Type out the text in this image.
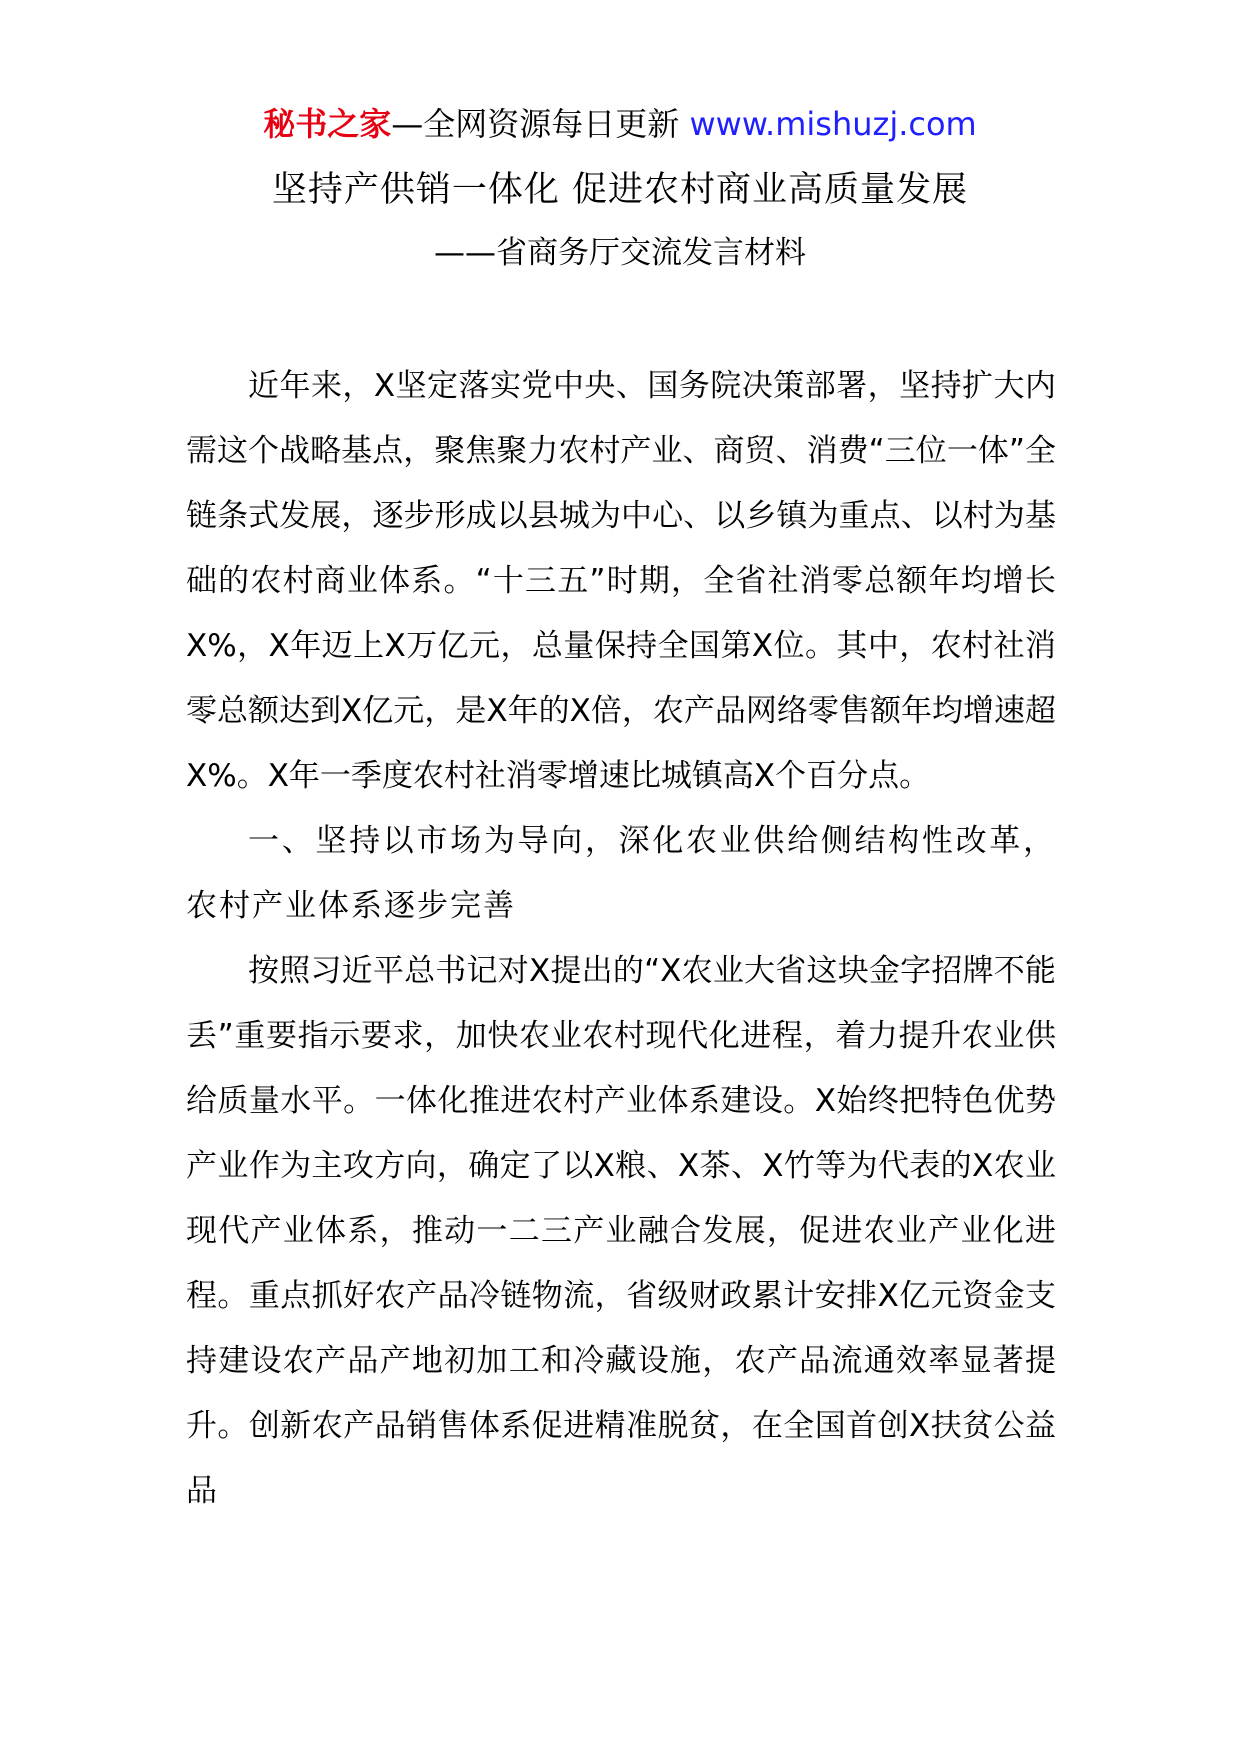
秘书之家—全网资源每日更新 www.mishuzj.com
坚持产供销一体化 促进农村商业高质量发展
——省商务厅交流发言材料

近年来，X坚定落实党中央、国务院决策部署，坚持扩大内需这个战略基点，聚焦聚力农村产业、商贸、消费“三位一体”全链条式发展，逐步形成以县城为中心、以乡镇为重点、以村为基础的农村商业体系。“十三五”时期，全省社消零总额年均增长X%，X年迈上X万亿元，总量保持全国第X位。其中，农村社消零总额达到X亿元，是X年的X倍，农产品网络零售额年均增速超X%。X年一季度农村社消零增速比城镇高X个百分点。

一、坚持以市场为导向，深化农业供给侧结构性改革，农村产业体系逐步完善

按照习近平总书记对X提出的“X农业大省这块金字招牌不能丢”重要指示要求，加快农业农村现代化进程，着力提升农业供给质量水平。一体化推进农村产业体系建设。X始终把特色优势产业作为主攻方向，确定了以X粮、X茶、X竹等为代表的X农业现代产业体系，推动一二三产业融合发展，促进农业产业化进程。重点抓好农产品冷链物流，省级财政累计安排X亿元资金支持建设农产品产地初加工和冷藏设施，农产品流通效率显著提升。创新农产品销售体系促进精准脱贫，在全国首创X扶贫公益品
